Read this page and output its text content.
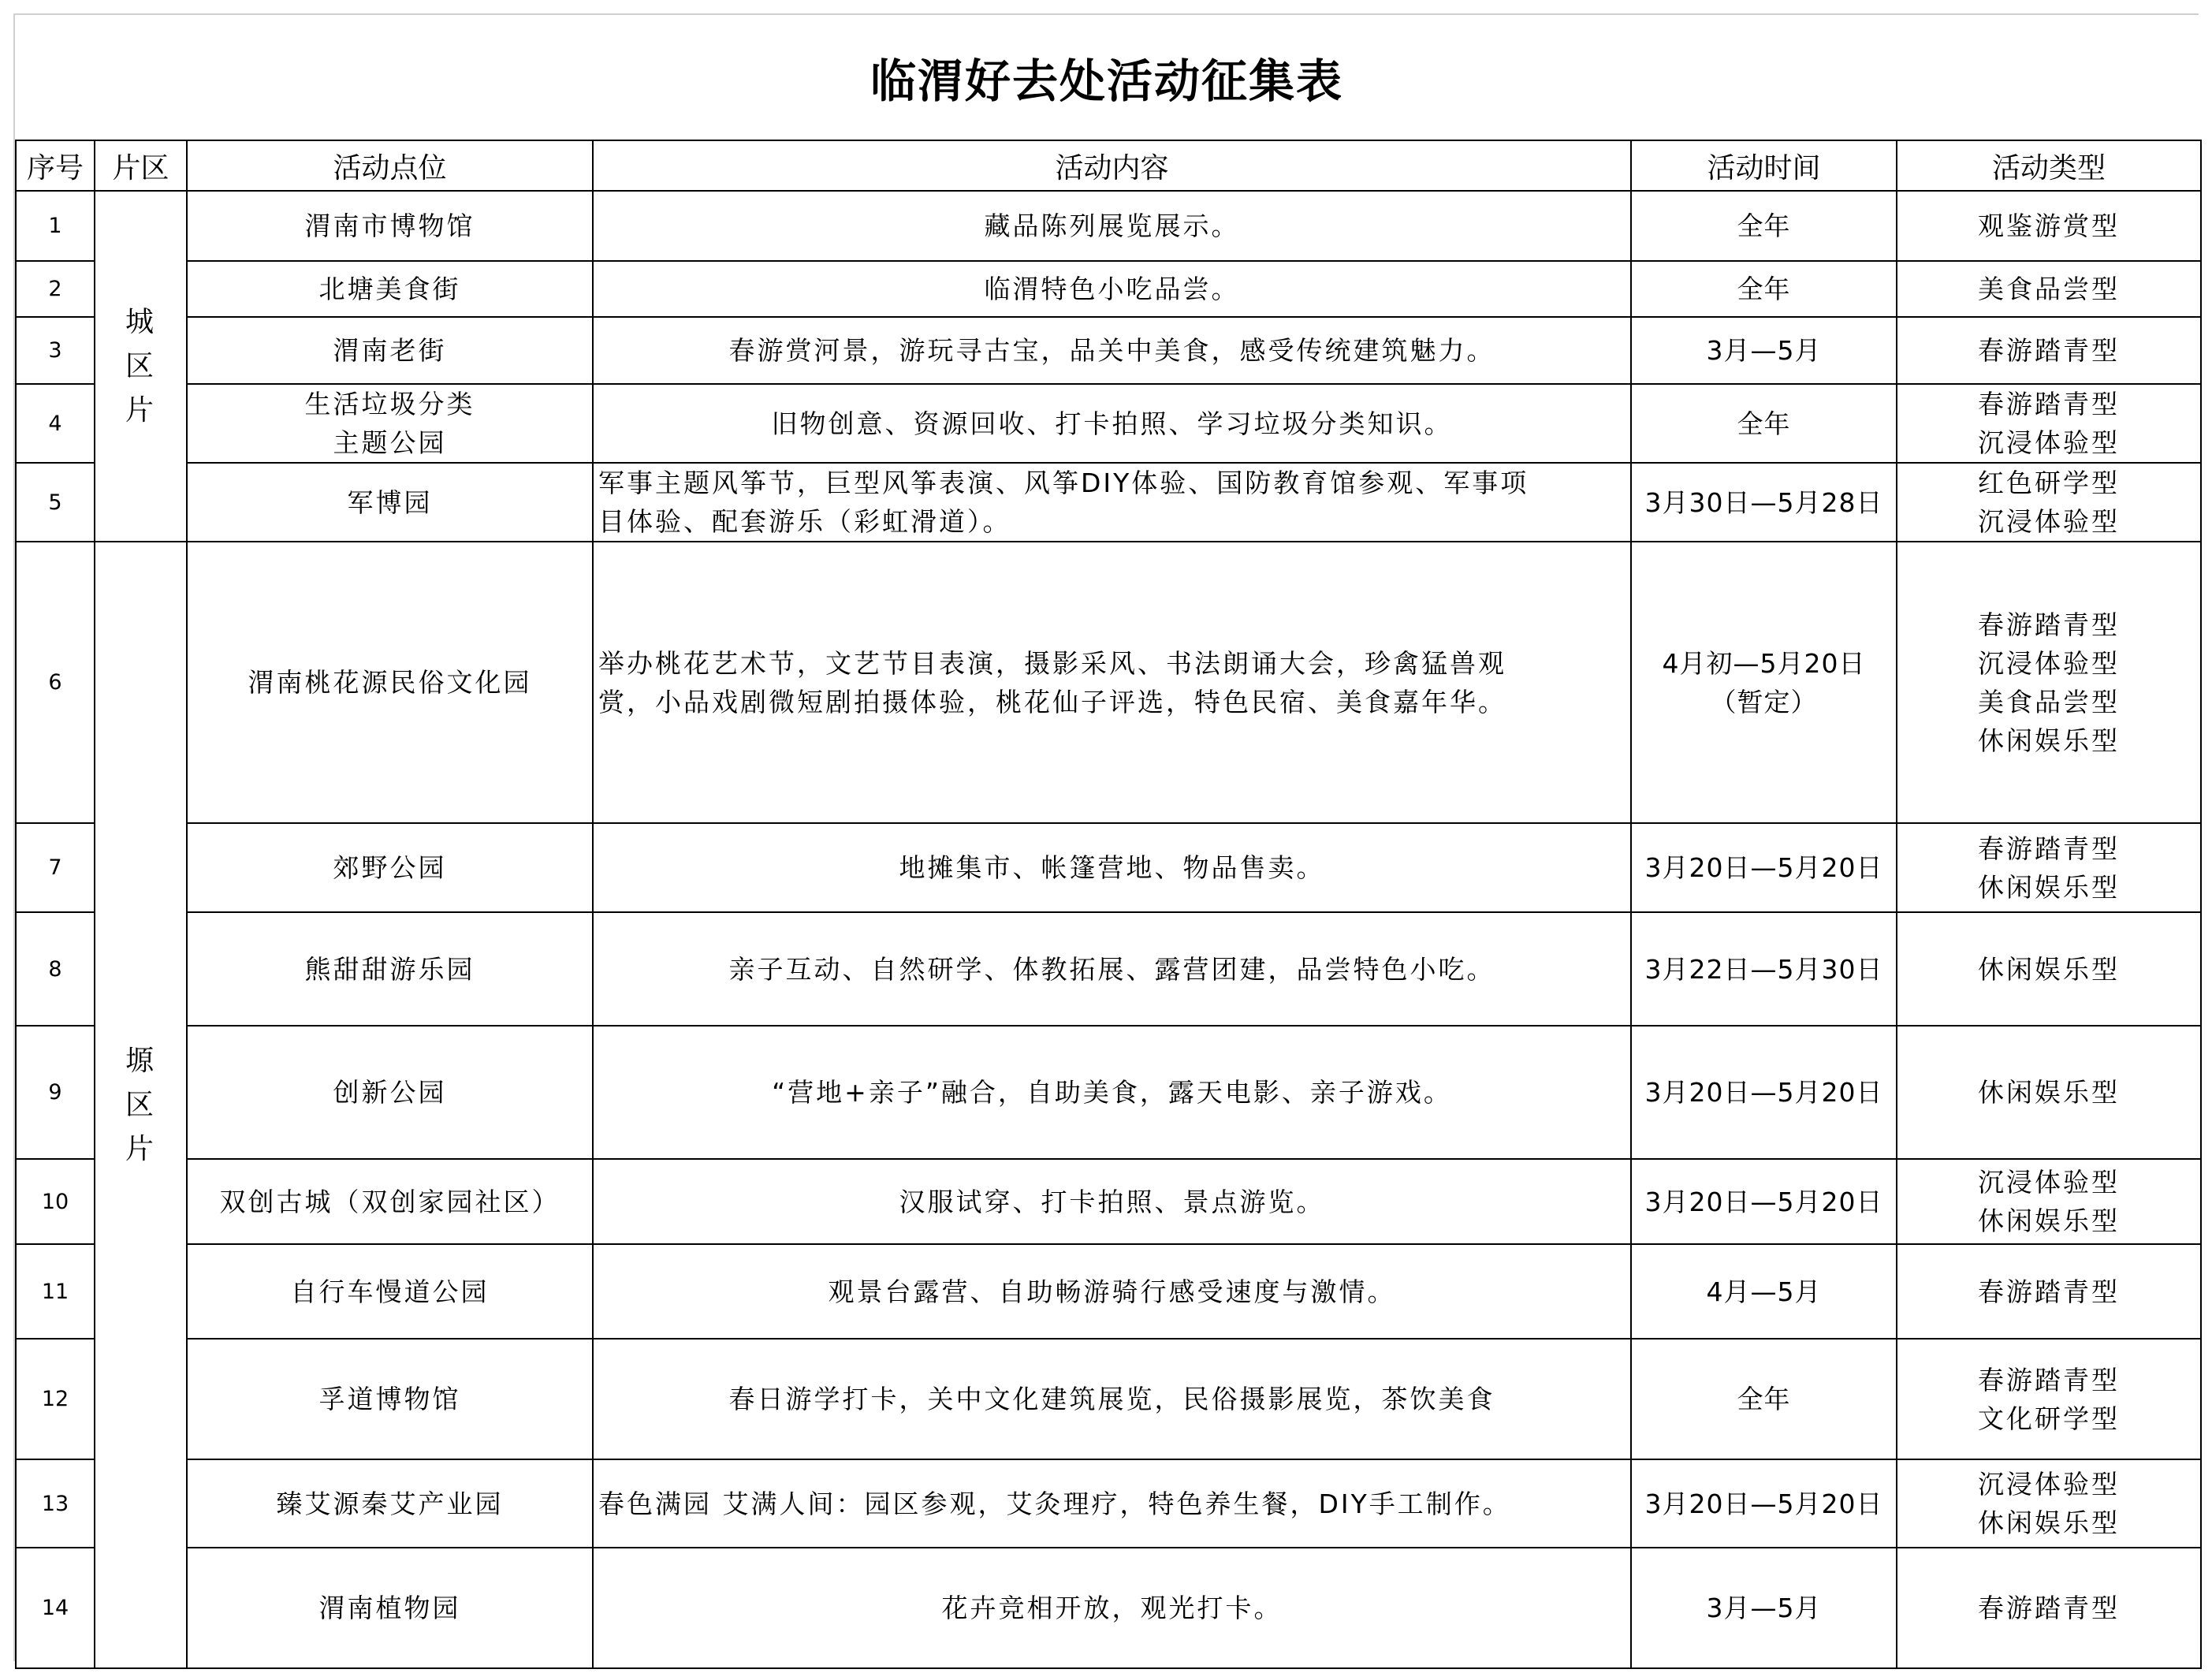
临渭好去处活动征集表
序号	片区	活动点位	活动内容	活动时间	活动类型
1	城
区
片	渭南市博物馆	藏品陈列展览展示。	全年	观鉴游赏型

2		北塘美食街	临渭特色小吃品尝。	全年	美食品尝型

3		渭南老街	春游赏河景，游玩寻古宝，品关中美食，感受传统建筑魅力。	3月—5月	春游踏青型

4		生活垃圾分类
主题公园	旧物创意、资源回收、打卡拍照、学习垃圾分类知识。	全年	春游踏青型
沉浸体验型

5		军博园	军事主题风筝节，巨型风筝表演、风筝DIY体验、国防教育馆参观、军事项
目体验、配套游乐（彩虹滑道）。	3月30日—5月28日	红色研学型
沉浸体验型

6	塬
区
片	渭南桃花源民俗文化园	举办桃花艺术节，文艺节目表演，摄影采风、书法朗诵大会，珍禽猛兽观
赏，小品戏剧微短剧拍摄体验，桃花仙子评选，特色民宿、美食嘉年华。	4月初—5月20日
（暂定）	春游踏青型
沉浸体验型
美食品尝型
休闲娱乐型

7		郊野公园	地摊集市、帐篷营地、物品售卖。	3月20日—5月20日	春游踏青型
休闲娱乐型

8		熊甜甜游乐园	亲子互动、自然研学、体教拓展、露营团建，品尝特色小吃。	3月22日—5月30日	休闲娱乐型

9		创新公园	“营地+亲子”融合，自助美食，露天电影、亲子游戏。	3月20日—5月20日	休闲娱乐型

10		双创古城（双创家园社区）	汉服试穿、打卡拍照、景点游览。	3月20日—5月20日	沉浸体验型
休闲娱乐型

11		自行车慢道公园	观景台露营、自助畅游骑行感受速度与激情。	4月—5月	春游踏青型

12		孚道博物馆	春日游学打卡，关中文化建筑展览，民俗摄影展览，茶饮美食	全年	春游踏青型
文化研学型

13		臻艾源秦艾产业园	春色满园 艾满人间：园区参观，艾灸理疗，特色养生餐，DIY手工制作。	3月20日—5月20日	沉浸体验型
休闲娱乐型

14		渭南植物园	花卉竞相开放，观光打卡。	3月—5月	春游踏青型
